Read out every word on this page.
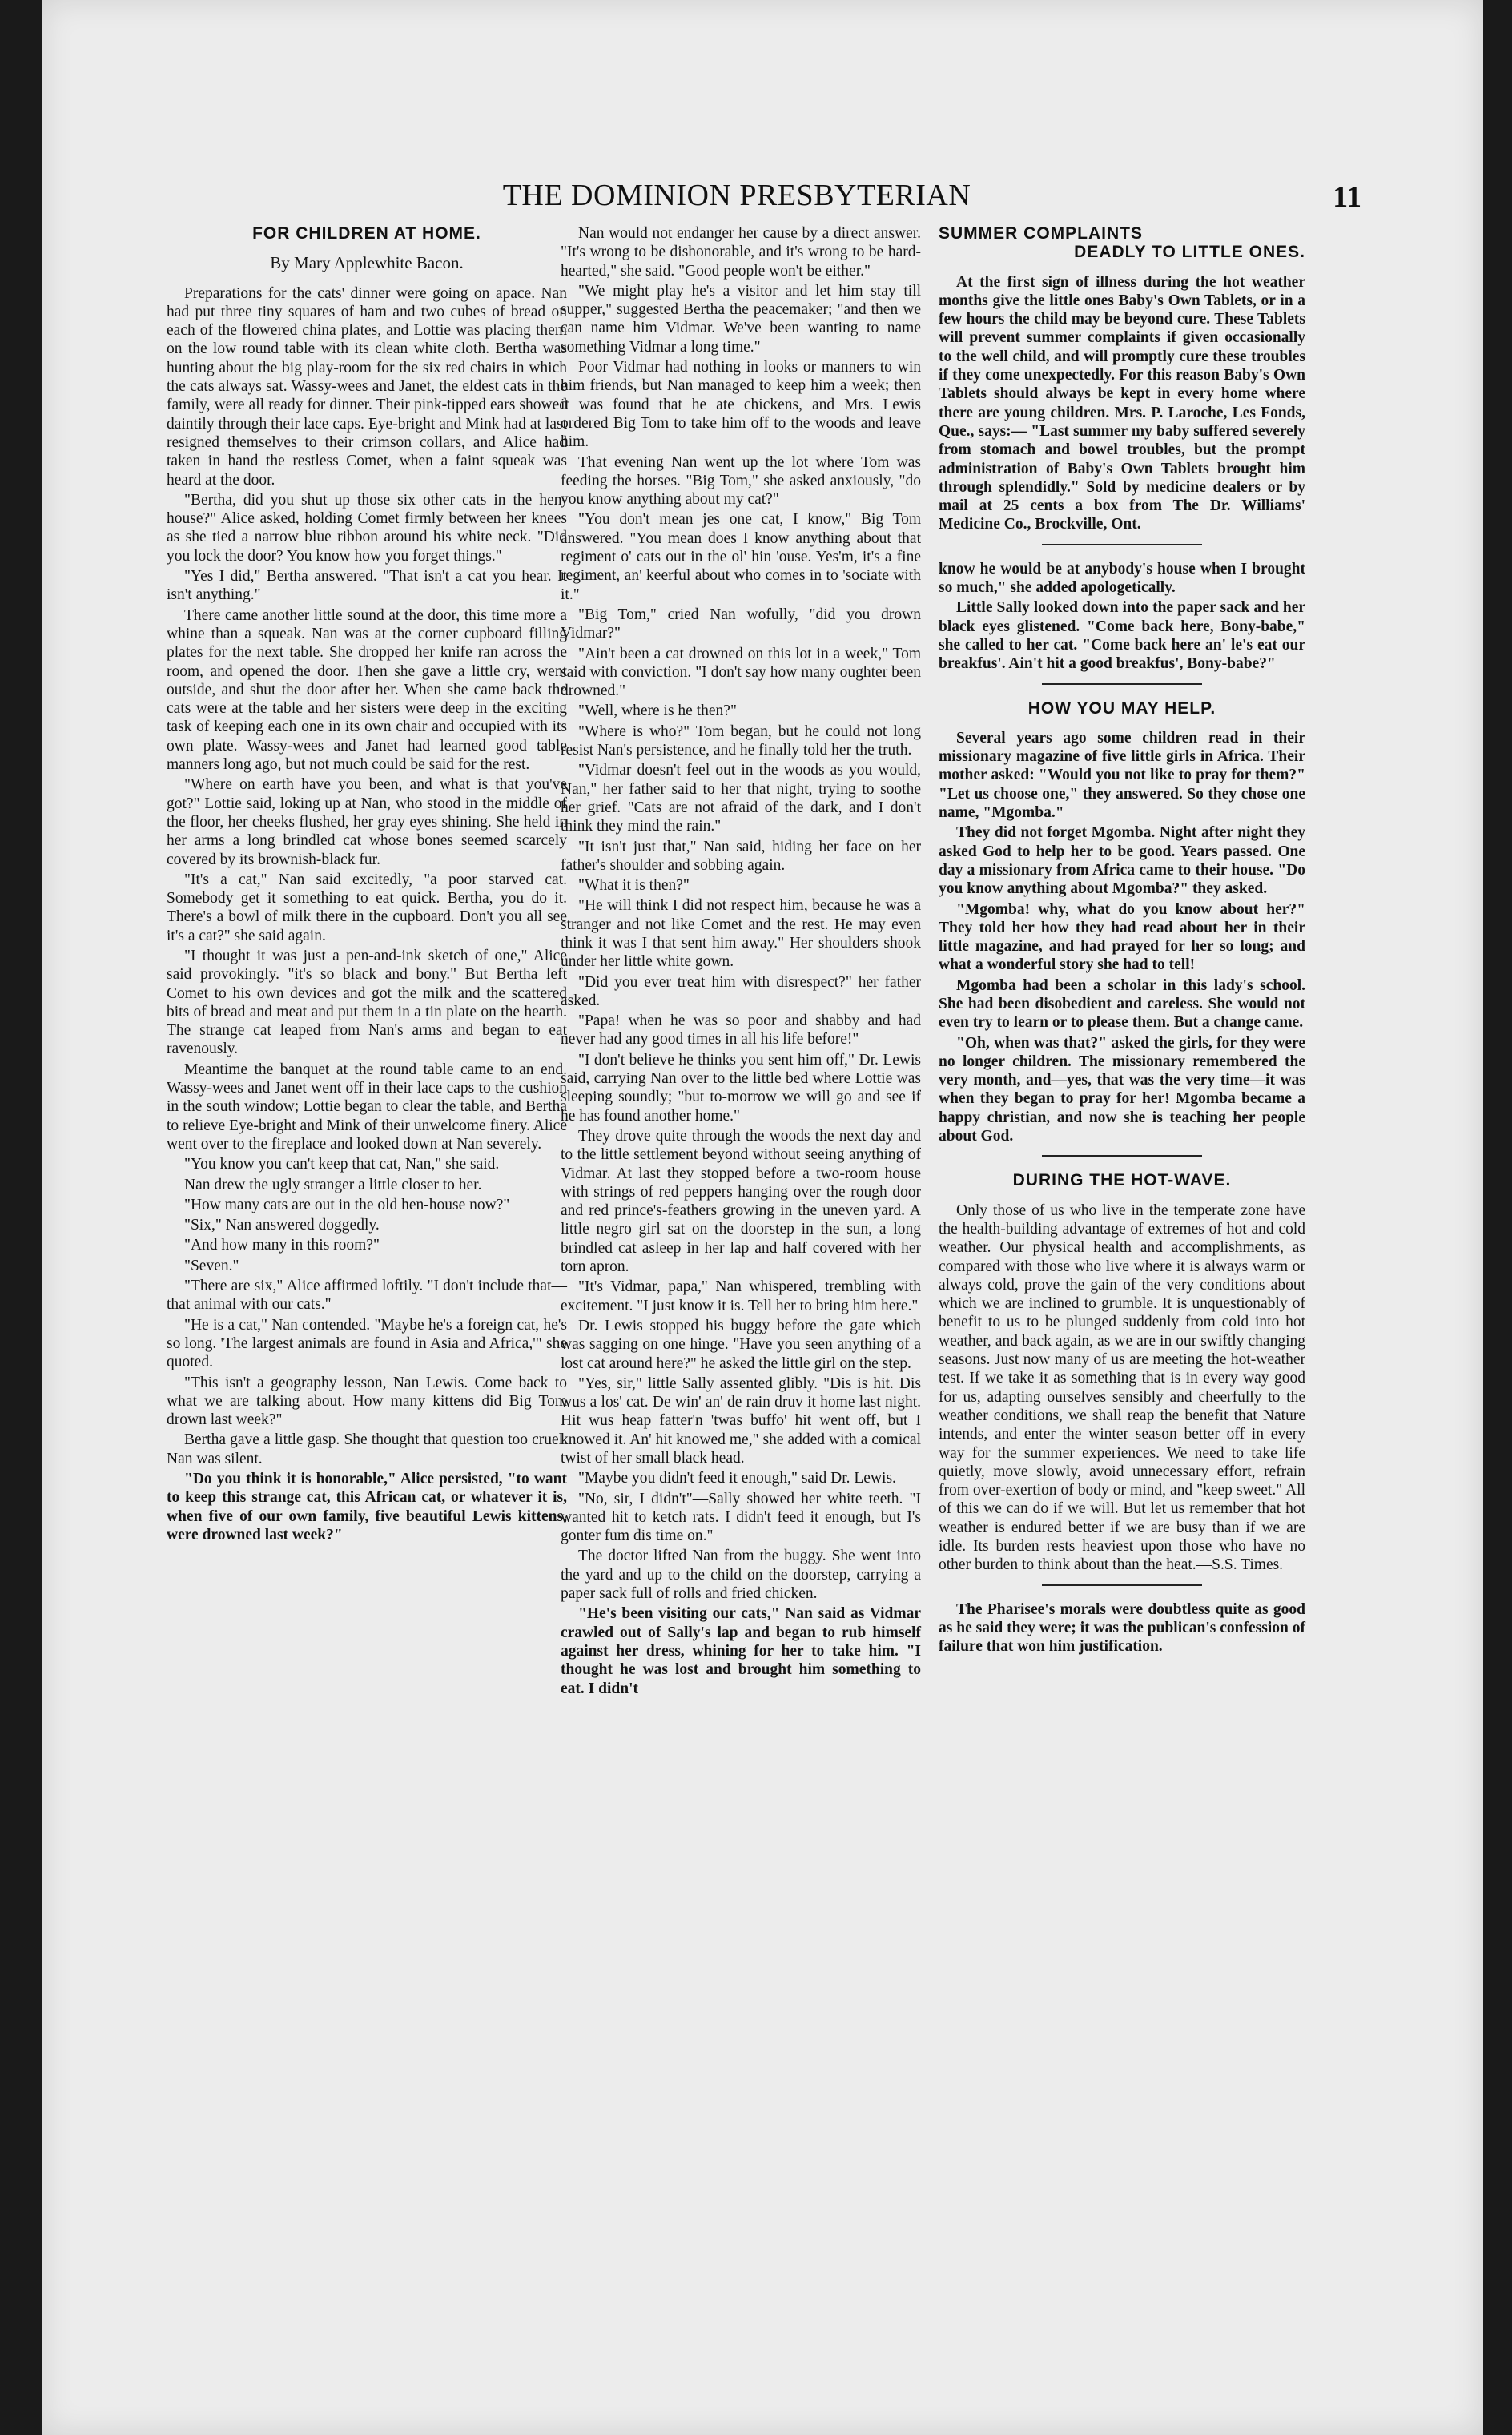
THE DOMINION PRESBYTERIAN	11
FOR CHILDREN AT HOME.
By Mary Applewhite Bacon.

Preparations for the cats' dinner were going on apace. Nan had put three tiny squares of ham and two cubes of bread on each of the flowered china plates, and Lottie was placing them on the low round table with its clean white cloth. Bertha was hunting about the big play-room for the six red chairs in which the cats always sat. Wassy-wees and Janet, the eldest cats in the family, were all ready for dinner. Their pink-tipped ears showed daintily through their lace caps. Eye-bright and Mink had at last resigned themselves to their crimson collars, and Alice had taken in hand the restless Comet, when a faint squeak was heard at the door.

"Bertha, did you shut up those six other cats in the hen-house?" Alice asked, holding Comet firmly between her knees as she tied a narrow blue ribbon around his white neck. "Did you lock the door? You know how you forget things."

"Yes I did," Bertha answered. "That isn't a cat you hear. It isn't anything."

There came another little sound at the door, this time more a whine than a squeak. Nan was at the corner cupboard filling plates for the next table. She dropped her knife ran across the room, and opened the door. Then she gave a little cry, went outside, and shut the door after her. When she came back the cats were at the table and her sisters were deep in the exciting task of keeping each one in its own chair and occupied with its own plate. Wassy-wees and Janet had learned good table manners long ago, but not much could be said for the rest.

"Where on earth have you been, and what is that you've got?" Lottie said, loking up at Nan, who stood in the middle of the floor, her cheeks flushed, her gray eyes shining. She held in her arms a long brindled cat whose bones seemed scarcely covered by its brownish-black fur.

"It's a cat," Nan said excitedly, "a poor starved cat. Somebody get it something to eat quick. Bertha, you do it. There's a bowl of milk there in the cupboard. Don't you all see it's a cat?" she said again.

"I thought it was just a pen-and-ink sketch of one," Alice said provokingly. "it's so black and bony." But Bertha left Comet to his own devices and got the milk and the scattered bits of bread and meat and put them in a tin plate on the hearth. The strange cat leaped from Nan's arms and began to eat ravenously.

Meantime the banquet at the round table came to an end. Wassy-wees and Janet went off in their lace caps to the cushion in the south window; Lottie began to clear the table, and Bertha to relieve Eye-bright and Mink of their unwelcome finery. Alice went over to the fireplace and looked down at Nan severely.

"You know you can't keep that cat, Nan," she said.

Nan drew the ugly stranger a little closer to her.

"How many cats are out in the old hen-house now?"

"Six," Nan answered doggedly.

"And how many in this room?"

"Seven."

"There are six," Alice affirmed loftily. "I don't include that—that animal with our cats."

"He is a cat," Nan contended. "Maybe he's a foreign cat, he's so long. 'The largest animals are found in Asia and Africa,'" she quoted.

"This isn't a geography lesson, Nan Lewis. Come back to what we are talking about. How many kittens did Big Tom drown last week?"

Bertha gave a little gasp. She thought that question too cruel. Nan was silent.

"Do you think it is honorable," Alice persisted, "to want to keep this strange cat, this African cat, or whatever it is, when five of our own family, five beautiful Lewis kittens, were drowned last week?"

Nan would not endanger her cause by a direct answer. "It's wrong to be dishonorable, and it's wrong to be hard-hearted," she said. "Good people won't be either."

"We might play he's a visitor and let him stay till supper," suggested Bertha the peacemaker; "and then we can name him Vidmar. We've been wanting to name something Vidmar a long time."

Poor Vidmar had nothing in looks or manners to win him friends, but Nan managed to keep him a week; then it was found that he ate chickens, and Mrs. Lewis ordered Big Tom to take him off to the woods and leave him.

That evening Nan went up the lot where Tom was feeding the horses. "Big Tom," she asked anxiously, "do you know anything about my cat?"

"You don't mean jes one cat, I know," Big Tom answered. "You mean does I know anything about that regiment o' cats out in the ol' hin 'ouse. Yes'm, it's a fine regiment, an' keerful about who comes in to 'sociate with it."

"Big Tom," cried Nan wofully, "did you drown Vidmar?"

"Ain't been a cat drowned on this lot in a week," Tom said with conviction. "I don't say how many oughter been drowned."

"Well, where is he then?"

"Where is who?" Tom began, but he could not long resist Nan's persistence, and he finally told her the truth.

"Vidmar doesn't feel out in the woods as you would, Nan," her father said to her that night, trying to soothe her grief. "Cats are not afraid of the dark, and I don't think they mind the rain."

"It isn't just that," Nan said, hiding her face on her father's shoulder and sobbing again.

"What it is then?"

"He will think I did not respect him, because he was a stranger and not like Comet and the rest. He may even think it was I that sent him away." Her shoulders shook under her little white gown.

"Did you ever treat him with disrespect?" her father asked.

"Papa! when he was so poor and shabby and had never had any good times in all his life before!"

"I don't believe he thinks you sent him off," Dr. Lewis said, carrying Nan over to the little bed where Lottie was sleeping soundly; "but to-morrow we will go and see if he has found another home."

They drove quite through the woods the next day and to the little settlement beyond without seeing anything of Vidmar. At last they stopped before a two-room house with strings of red peppers hanging over the rough door and red prince's-feathers growing in the uneven yard. A little negro girl sat on the doorstep in the sun, a long brindled cat asleep in her lap and half covered with her torn apron.

"It's Vidmar, papa," Nan whispered, trembling with excitement. "I just know it is. Tell her to bring him here."

Dr. Lewis stopped his buggy before the gate which was sagging on one hinge. "Have you seen anything of a lost cat around here?" he asked the little girl on the step.

"Yes, sir," little Sally assented glibly. "Dis is hit. Dis wus a los' cat. De win' an' de rain druv it home last night. Hit wus heap fatter'n 'twas buffo' hit went off, but I knowed it. An' hit knowed me," she added with a comical twist of her small black head.

"Maybe you didn't feed it enough," said Dr. Lewis.

"No, sir, I didn't"—Sally showed her white teeth. "I wanted hit to ketch rats. I didn't feed it enough, but I's gonter fum dis time on."

The doctor lifted Nan from the buggy. She went into the yard and up to the child on the doorstep, carrying a paper sack full of rolls and fried chicken.

"He's been visiting our cats," Nan said as Vidmar crawled out of Sally's lap and began to rub himself against her dress, whining for her to take him. "I thought he was lost and brought him something to eat. I didn't

SUMMER COMPLAINTS
DEADLY TO LITTLE ONES.

At the first sign of illness during the hot weather months give the little ones Baby's Own Tablets, or in a few hours the child may be beyond cure. These Tablets will prevent summer complaints if given occasionally to the well child, and will promptly cure these troubles if they come unexpectedly. For this reason Baby's Own Tablets should always be kept in every home where there are young children. Mrs. P. Laroche, Les Fonds, Que., says:— "Last summer my baby suffered severely from stomach and bowel troubles, but the prompt administration of Baby's Own Tablets brought him through splendidly." Sold by medicine dealers or by mail at 25 cents a box from The Dr. Williams' Medicine Co., Brockville, Ont.

know he would be at anybody's house when I brought so much," she added apologetically.

Little Sally looked down into the paper sack and her black eyes glistened. "Come back here, Bony-babe," she called to her cat. "Come back here an' le's eat our breakfus'. Ain't hit a good breakfus', Bony-babe?"

HOW YOU MAY HELP.

Several years ago some children read in their missionary magazine of five little girls in Africa. Their mother asked: "Would you not like to pray for them?" "Let us choose one," they answered. So they chose one name, "Mgomba."

They did not forget Mgomba. Night after night they asked God to help her to be good. Years passed. One day a missionary from Africa came to their house. "Do you know anything about Mgomba?" they asked.

"Mgomba! why, what do you know about her?" They told her how they had read about her in their little magazine, and had prayed for her so long; and what a wonderful story she had to tell!

Mgomba had been a scholar in this lady's school. She had been disobedient and careless. She would not even try to learn or to please them. But a change came.

"Oh, when was that?" asked the girls, for they were no longer children. The missionary remembered the very month, and—yes, that was the very time—it was when they began to pray for her! Mgomba became a happy christian, and now she is teaching her people about God.

DURING THE HOT-WAVE.

Only those of us who live in the temperate zone have the health-building advantage of extremes of hot and cold weather. Our physical health and accomplishments, as compared with those who live where it is always warm or always cold, prove the gain of the very conditions about which we are inclined to grumble. It is unquestionably of benefit to us to be plunged suddenly from cold into hot weather, and back again, as we are in our swiftly changing seasons. Just now many of us are meeting the hot-weather test. If we take it as something that is in every way good for us, adapting ourselves sensibly and cheerfully to the weather conditions, we shall reap the benefit that Nature intends, and enter the winter season better off in every way for the summer experiences. We need to take life quietly, move slowly, avoid unnecessary effort, refrain from over-exertion of body or mind, and "keep sweet." All of this we can do if we will. But let us remember that hot weather is endured better if we are busy than if we are idle. Its burden rests heaviest upon those who have no other burden to think about than the heat.—S.S. Times.

The Pharisee's morals were doubtless quite as good as he said they were; it was the publican's confession of failure that won him justification.
